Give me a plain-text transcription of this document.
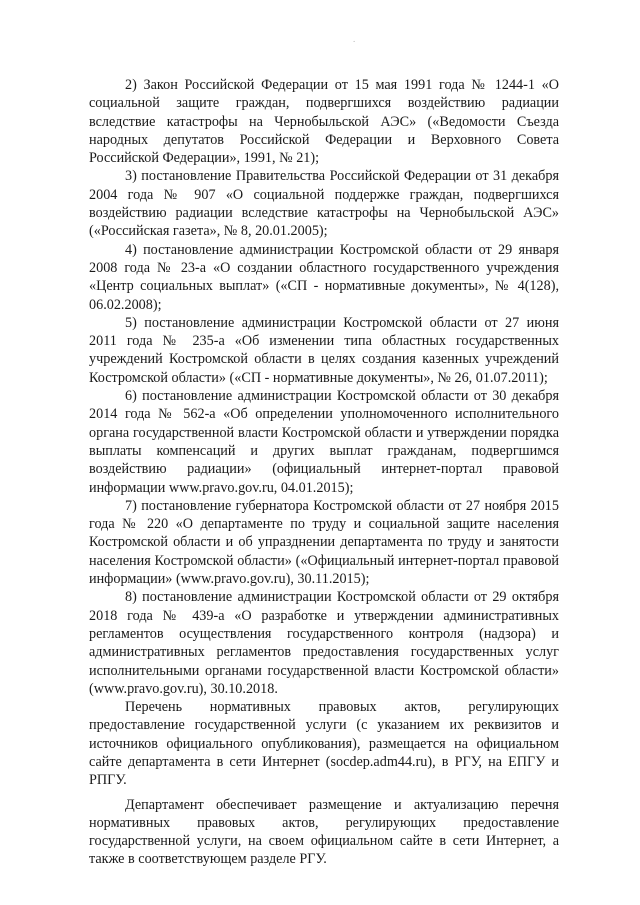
.

2) Закон Российской Федерации от 15 мая 1991 года № 1244-1 «О социальной защите граждан, подвергшихся воздействию радиации вследствие катастрофы на Чернобыльской АЭС» («Ведомости Съезда народных депутатов Российской Федерации и Верховного Совета Российской Федерации», 1991, № 21);

3) постановление Правительства Российской Федерации от 31 декабря 2004 года № 907 «О социальной поддержке граждан, подвергшихся воздействию радиации вследствие катастрофы на Чернобыльской АЭС» («Российская газета», № 8, 20.01.2005);

4) постановление администрации Костромской области от 29 января 2008 года № 23-а «О создании областного государственного учреждения «Центр социальных выплат» («СП - нормативные документы», № 4(128), 06.02.2008);

5) постановление администрации Костромской области от 27 июня 2011 года № 235-а «Об изменении типа областных государственных учреждений Костромской области в целях создания казенных учреждений Костромской области» («СП - нормативные документы», № 26, 01.07.2011);

6) постановление администрации Костромской области от 30 декабря 2014 года № 562-а «Об определении уполномоченного исполнительного органа государственной власти Костромской области и утверждении порядка выплаты компенсаций и других выплат гражданам, подвергшимся воздействию радиации» (официальный интернет-портал правовой информации www.pravo.gov.ru, 04.01.2015);

7) постановление губернатора Костромской области от 27 ноября 2015 года № 220 «О департаменте по труду и социальной защите населения Костромской области и об упразднении департамента по труду и занятости населения Костромской области» («Официальный интернет-портал правовой информации» (www.pravo.gov.ru), 30.11.2015);

8) постановление администрации Костромской области от 29 октября 2018 года № 439-а «О разработке и утверждении административных регламентов осуществления государственного контроля (надзора) и административных регламентов предоставления государственных услуг исполнительными органами государственной власти Костромской области» (www.pravo.gov.ru), 30.10.2018.

Перечень нормативных правовых актов, регулирующих предоставление государственной услуги (с указанием их реквизитов и источников официального опубликования), размещается на официальном сайте департамента в сети Интернет (socdep.adm44.ru), в РГУ, на ЕПГУ и РПГУ.

Департамент обеспечивает размещение и актуализацию перечня нормативных правовых актов, регулирующих предоставление государственной услуги, на своем официальном сайте в сети Интернет, а также в соответствующем разделе РГУ.
